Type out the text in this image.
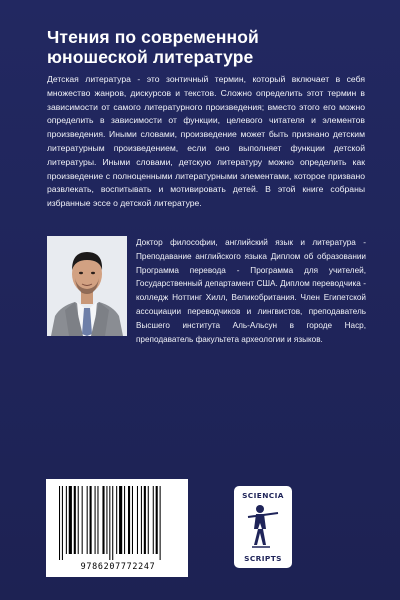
Чтения по современной
юношеской литературе

Детская литература - это зонтичный термин, который включает в себя множество жанров, дискурсов и текстов. Сложно определить этот термин в зависимости от самого литературного произведения; вместо этого его можно определить в зависимости от функции, целевого читателя и элементов произведения. Иными словами, произведение может быть признано детским литературным произведением, если оно выполняет функции детской литературы. Иными словами, детскую литературу можно определить как произведение с полноценными литературными элементами, которое призвано развлекать, воспитывать и мотивировать детей. В этой книге собраны избранные эссе о детской литературе.

Доктор философии, английский язык и литература - Преподавание английского языка Диплом об образовании Программа перевода - Программа для учителей, Государственный департамент США. Диплом переводчика - колледж Ноттинг Хилл, Великобритания. Член Египетской ассоциации переводчиков и лингвистов, преподаватель Высшего института Аль-Альсун в городе Наср, преподаватель факультета археологии и языков.

9786207772247
SCIENCIA
SCRIPTS
